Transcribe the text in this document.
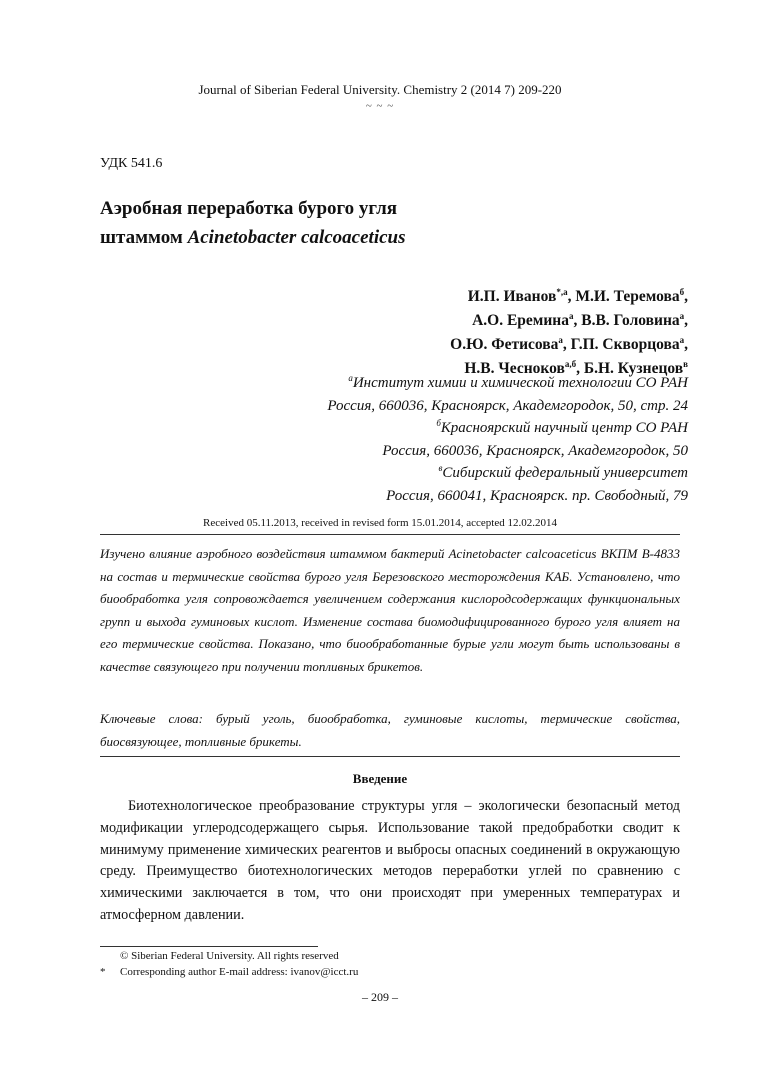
Journal of Siberian Federal University. Chemistry 2 (2014 7) 209-220
~ ~ ~
УДК 541.6
Аэробная переработка бурого угля
штаммом Acinetobacter calcoaceticus
И.П. Иванов$^{*,а}$, М.И. Теремова$^б$,
А.О. Еремина$^а$, В.В. Головина$^а$,
О.Ю. Фетисова$^а$, Г.П. Скворцова$^а$,
Н.В. Чесноков$^{а,б}$, Б.Н. Кузнецов$^в$
$^а$Институт химии и химической технологии СО РАН
Россия, 660036, Красноярск, Академгородок, 50, стр. 24
$^б$Красноярский научный центр СО РАН
Россия, 660036, Красноярск, Академгородок, 50
$^в$Сибирский федеральный университет
Россия, 660041, Красноярск. пр. Свободный, 79
Received 05.11.2013, received in revised form 15.01.2014, accepted 12.02.2014
Изучено влияние аэробного воздействия штаммом бактерий Acinetobacter calcoaceticus ВКПМ В-4833 на состав и термические свойства бурого угля Березовского месторождения КАБ. Установлено, что биообработка угля сопровождается увеличением содержания кислородсодержащих функциональных групп и выхода гуминовых кислот. Изменение состава биомодифицированного бурого угля влияет на его термические свойства. Показано, что биообработанные бурые угли могут быть использованы в качестве связующего при получении топливных брикетов.
Ключевые слова: бурый уголь, биообработка, гуминовые кислоты, термические свойства, биосвязующее, топливные брикеты.
Введение

Биотехнологическое преобразование структуры угля – экологически безопасный метод модификации углеродсодержащего сырья. Использование такой предобработки сводит к минимуму применение химических реагентов и выбросы опасных соединений в окружающую среду. Преимущество биотехнологических методов переработки углей по сравнению с химическими заключается в том, что они происходят при умеренных температурах и атмосферном давлении.

© Siberian Federal University. All rights reserved
* Corresponding author E-mail address: ivanov@icct.ru
– 209 –
